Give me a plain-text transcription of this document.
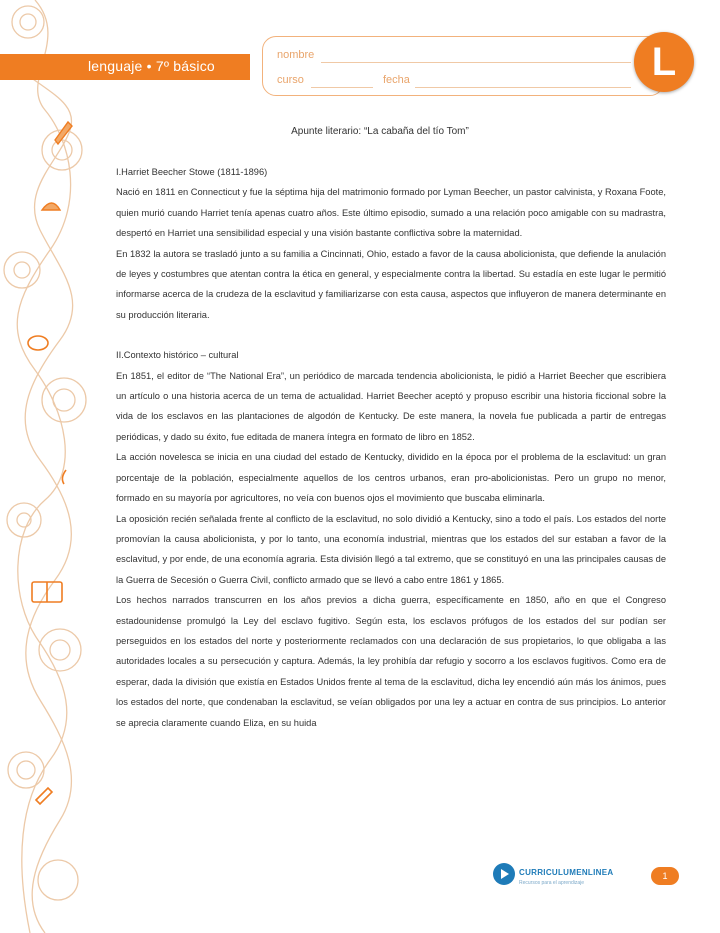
lenguaje • 7º básico
nombre
curso	fecha	L
Apunte literario: “La cabaña del tío Tom”

I.Harriet Beecher Stowe (1811-1896)

Nació en 1811 en Connecticut y fue la séptima hija del matrimonio formado por Lyman Beecher, un pastor calvinista, y Roxana Foote, quien murió cuando Harriet tenía apenas cuatro años. Este último episodio, sumado a una relación poco amigable con su madrastra, despertó en Harriet una sensibilidad especial y una visión bastante conflictiva sobre la maternidad.

En 1832 la autora se trasladó junto a su familia a Cincinnati, Ohio, estado a favor de la causa abolicionista, que defiende la anulación de leyes y costumbres que atentan contra la ética en general, y especialmente contra la libertad. Su estadía en este lugar le permitió informarse acerca de la crudeza de la esclavitud y familiarizarse con esta causa, aspectos que influyeron de manera determinante en su producción literaria.

II.Contexto histórico – cultural

En 1851, el editor de “The National Era”, un periódico de marcada tendencia abolicionista, le pidió a Harriet Beecher que escribiera un artículo o una historia acerca de un tema de actualidad. Harriet Beecher aceptó y propuso escribir una historia ficcional sobre la vida de los esclavos en las plantaciones de algodón de Kentucky. De este manera, la novela fue publicada a partir de entregas periódicas, y dado su éxito, fue editada de manera íntegra en formato de libro en 1852.

La acción novelesca se inicia en una ciudad del estado de Kentucky, dividido en la época por el problema de la esclavitud: un gran porcentaje de la población, especialmente aquellos de los centros urbanos, eran pro-abolicionistas. Pero un grupo no menor, formado en su mayoría por agricultores, no veía con buenos ojos el movimiento que buscaba eliminarla.

La oposición recién señalada frente al conflicto de la esclavitud, no solo dividió a Kentucky, sino a todo el país. Los estados del norte promovían la causa abolicionista, y por lo tanto, una economía industrial, mientras que los estados del sur estaban a favor de la esclavitud, y por ende, de una economía agraria. Esta división llegó a tal extremo, que se constituyó en una las principales causas de la Guerra de Secesión o Guerra Civil, conflicto armado que se llevó a cabo entre 1861 y 1865.

Los hechos narrados transcurren en los años previos a dicha guerra, específicamente en 1850, año en que el Congreso estadounidense promulgó la Ley del esclavo fugitivo. Según esta, los esclavos prófugos de los estados del sur podían ser perseguidos en los estados del norte y posteriormente reclamados con una declaración de sus propietarios, lo que obligaba a las autoridades locales a su persecución y captura. Además, la ley prohibía dar refugio y socorro a los esclavos fugitivos. Como era de esperar, dada la división que existía en Estados Unidos frente al tema de la esclavitud, dicha ley encendió aún más los ánimos, pues los estados del norte, que condenaban la esclavitud, se veían obligados por una ley a actuar en contra de sus principios. Lo anterior se aprecia claramente cuando Eliza, en su huida

CURRICULUMENLINEA
Recursos para el aprendizaje
1
